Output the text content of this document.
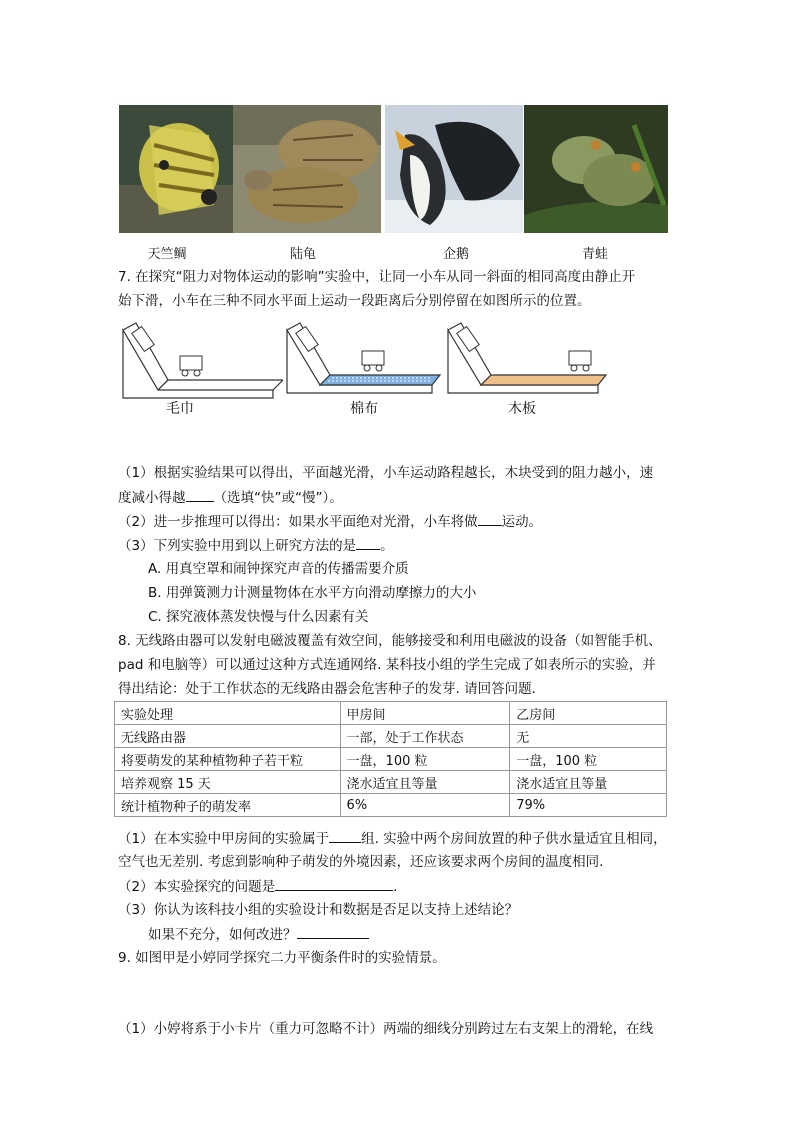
天竺鲷	陆龟	企鹅	青蛙
7. 在探究“阻力对物体运动的影响”实验中，让同一小车从同一斜面的相同高度由静止开
始下滑，小车在三种不同水平面上运动一段距离后分别停留在如图所示的位置。
毛巾	棉布	木板
（1）根据实验结果可以得出，平面越光滑，小车运动路程越长，木块受到的阻力越小，速
度减小得越 （选填“快”或“慢”）。
（2）进一步推理可以得出：如果水平面绝对光滑，小车将做 运动。
（3）下列实验中用到以上研究方法的是 。
A. 用真空罩和闹钟探究声音的传播需要介质
B. 用弹簧测力计测量物体在水平方向滑动摩擦力的大小
C. 探究液体蒸发快慢与什么因素有关
8. 无线路由器可以发射电磁波覆盖有效空间，能够接受和利用电磁波的设备（如智能手机、
pad 和电脑等）可以通过这种方式连通网络. 某科技小组的学生完成了如表所示的实验，并
得出结论：处于工作状态的无线路由器会危害种子的发芽. 请回答问题.
实验处理	甲房间	乙房间
无线路由器	一部，处于工作状态	无
将要萌发的某种植物种子若干粒	一盘，100 粒	一盘，100 粒
培养观察 15 天	浇水适宜且等量	浇水适宜且等量
统计植物种子的萌发率	6%	79%
（1）在本实验中甲房间的实验属于 组. 实验中两个房间放置的种子供水量适宜且相同，
空气也无差别. 考虑到影响种子萌发的外境因素，还应该要求两个房间的温度相同.
（2）本实验探究的问题是	.
（3）你认为该科技小组的实验设计和数据是否足以支持上述结论？
如果不充分，如何改进？
9. 如图甲是小婷同学探究二力平衡条件时的实验情景。
（1）小婷将系于小卡片（重力可忽略不计）两端的细线分别跨过左右支架上的滑轮，在线
